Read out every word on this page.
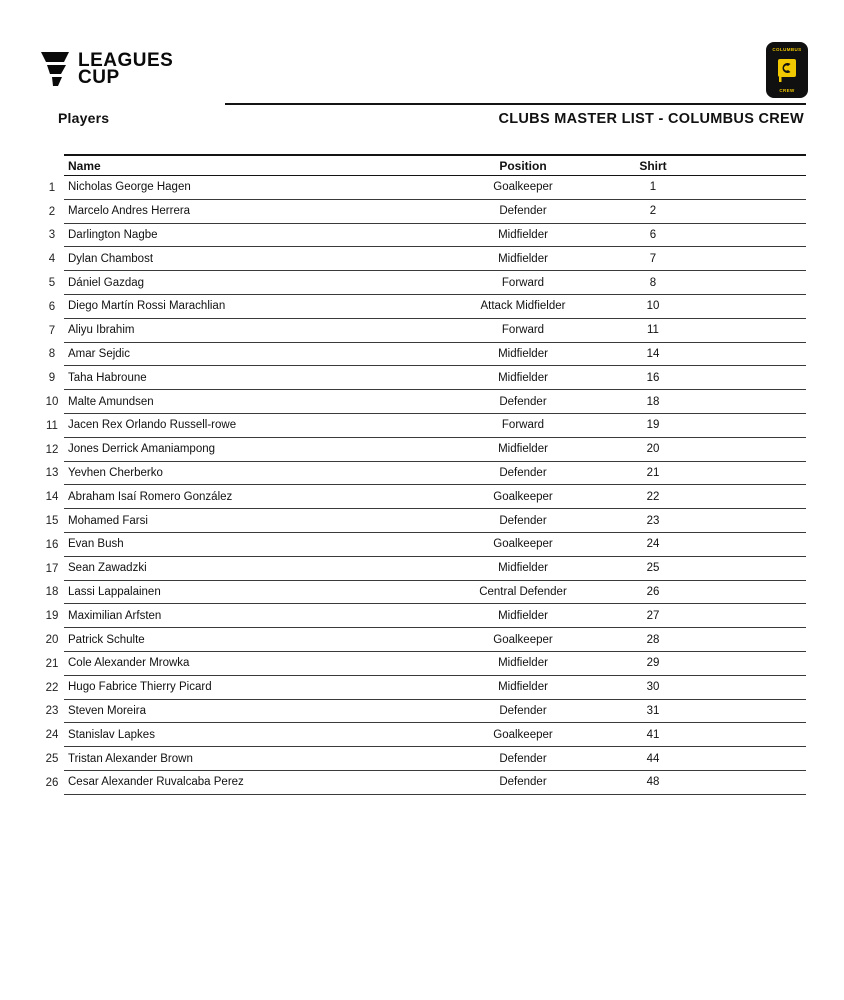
LEAGUES
CUP
COLUMBUS
CREW
Players	CLUBS MASTER LIST - COLUMBUS CREW
Name	Position	Shirt
1	Nicholas George Hagen	Goalkeeper	1
2	Marcelo Andres Herrera	Defender	2
3	Darlington Nagbe	Midfielder	6
4	Dylan Chambost	Midfielder	7
5	Dániel Gazdag	Forward	8
6	Diego Martín Rossi Marachlian	Attack Midfielder	10
7	Aliyu Ibrahim	Forward	11
8	Amar Sejdic	Midfielder	14
9	Taha Habroune	Midfielder	16
10 Malte Amundsen	Defender	18
11 Jacen Rex Orlando Russell-rowe	Forward	19
12 Jones Derrick Amaniampong	Midfielder	20
13 Yevhen Cherberko	Defender	21
14 Abraham Isaí Romero González	Goalkeeper	22
15 Mohamed Farsi	Defender	23
16 Evan Bush	Goalkeeper	24
17 Sean Zawadzki	Midfielder	25
18 Lassi Lappalainen	Central Defender	26
19 Maximilian Arfsten	Midfielder	27
20 Patrick Schulte	Goalkeeper	28
21 Cole Alexander Mrowka	Midfielder	29
22 Hugo Fabrice Thierry Picard	Midfielder	30
23 Steven Moreira	Defender	31
24 Stanislav Lapkes	Goalkeeper	41
25 Tristan Alexander Brown	Defender	44
26 Cesar Alexander Ruvalcaba Perez	Defender	48
